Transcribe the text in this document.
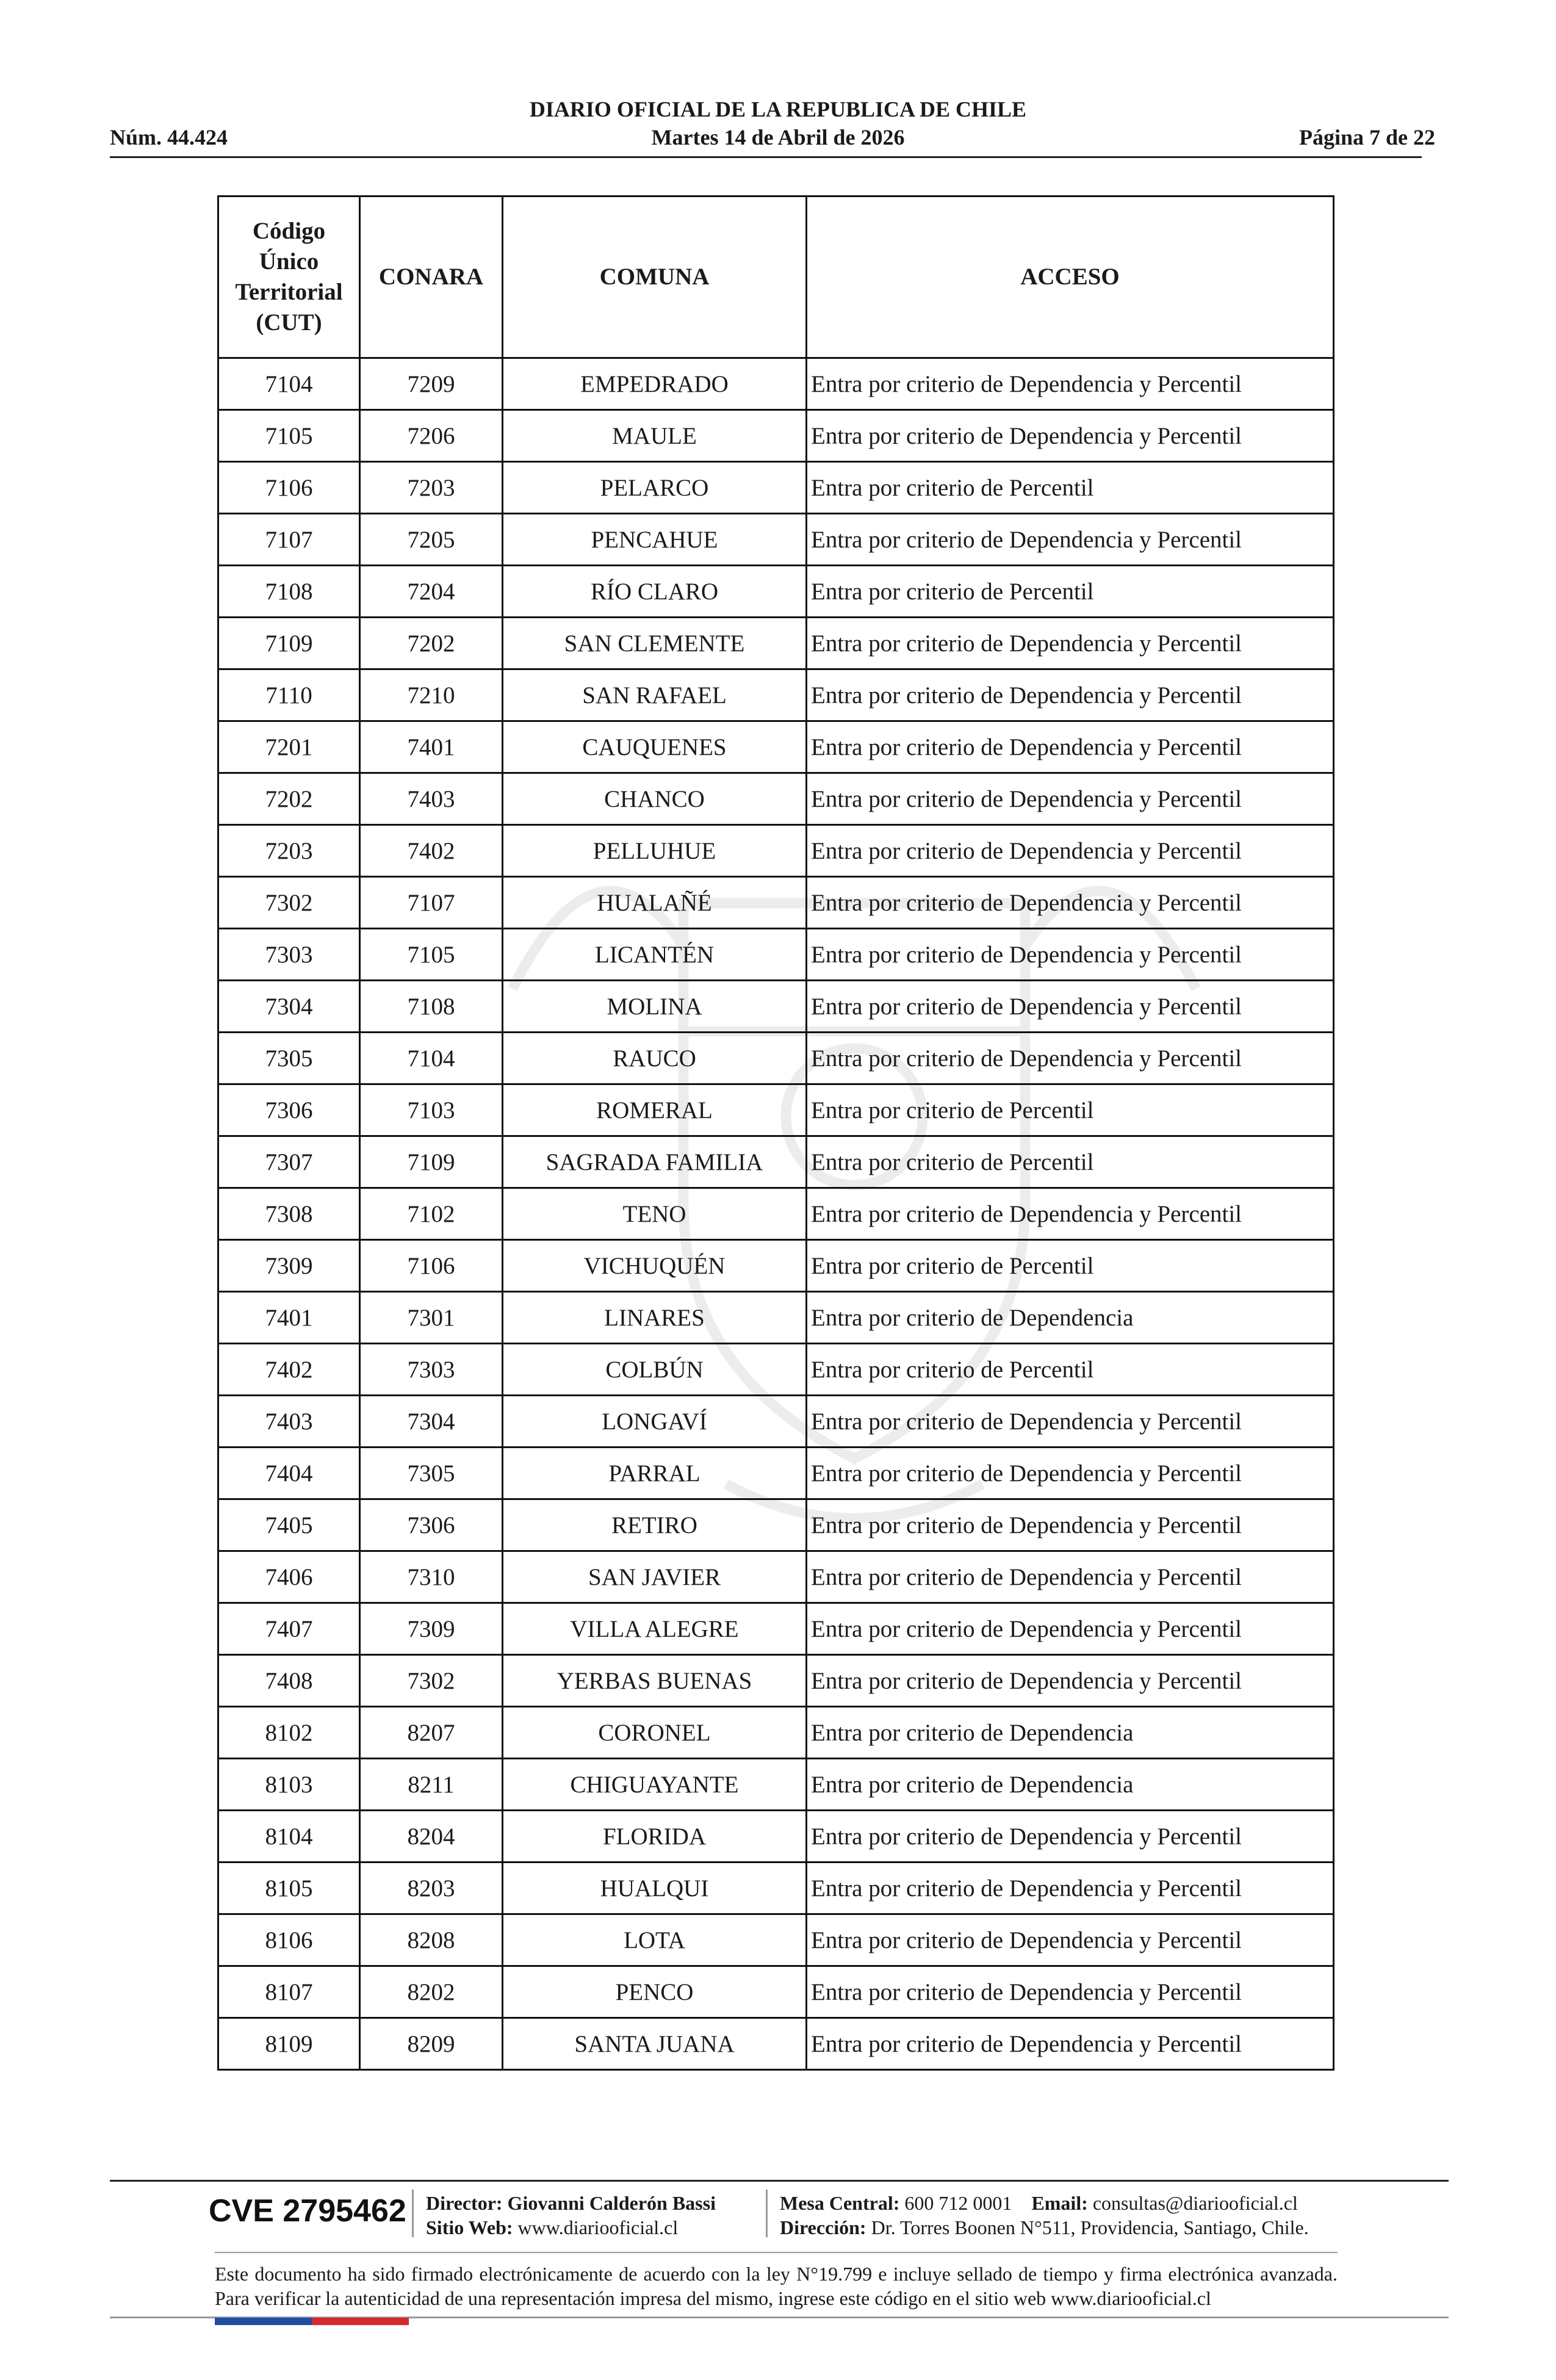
DIARIO OFICIAL DE LA REPUBLICA DE CHILE
Martes 14 de Abril de 2026
Núm. 44.424	Página 7 de 22
Código
Único
Territorial
(CUT)	CONARA	COMUNA	ACCESO
7104	7209	EMPEDRADO	Entra por criterio de Dependencia y Percentil
7105	7206	MAULE	Entra por criterio de Dependencia y Percentil
7106	7203	PELARCO	Entra por criterio de Percentil
7107	7205	PENCAHUE	Entra por criterio de Dependencia y Percentil
7108	7204	RÍO CLARO	Entra por criterio de Percentil
7109	7202	SAN CLEMENTE	Entra por criterio de Dependencia y Percentil
7110	7210	SAN RAFAEL	Entra por criterio de Dependencia y Percentil
7201	7401	CAUQUENES	Entra por criterio de Dependencia y Percentil
7202	7403	CHANCO	Entra por criterio de Dependencia y Percentil
7203	7402	PELLUHUE	Entra por criterio de Dependencia y Percentil
7302	7107	HUALAÑÉ	Entra por criterio de Dependencia y Percentil
7303	7105	LICANTÉN	Entra por criterio de Dependencia y Percentil
7304	7108	MOLINA	Entra por criterio de Dependencia y Percentil
7305	7104	RAUCO	Entra por criterio de Dependencia y Percentil
7306	7103	ROMERAL	Entra por criterio de Percentil
7307	7109	SAGRADA FAMILIA	Entra por criterio de Percentil
7308	7102	TENO	Entra por criterio de Dependencia y Percentil
7309	7106	VICHUQUÉN	Entra por criterio de Percentil
7401	7301	LINARES	Entra por criterio de Dependencia
7402	7303	COLBÚN	Entra por criterio de Percentil
7403	7304	LONGAVÍ	Entra por criterio de Dependencia y Percentil
7404	7305	PARRAL	Entra por criterio de Dependencia y Percentil
7405	7306	RETIRO	Entra por criterio de Dependencia y Percentil
7406	7310	SAN JAVIER	Entra por criterio de Dependencia y Percentil
7407	7309	VILLA ALEGRE	Entra por criterio de Dependencia y Percentil
7408	7302	YERBAS BUENAS	Entra por criterio de Dependencia y Percentil
8102	8207	CORONEL	Entra por criterio de Dependencia
8103	8211	CHIGUAYANTE	Entra por criterio de Dependencia
8104	8204	FLORIDA	Entra por criterio de Dependencia y Percentil
8105	8203	HUALQUI	Entra por criterio de Dependencia y Percentil
8106	8208	LOTA	Entra por criterio de Dependencia y Percentil
8107	8202	PENCO	Entra por criterio de Dependencia y Percentil
8109	8209	SANTA JUANA	Entra por criterio de Dependencia y Percentil
CVE 2795462 Director: Giovanni Calderón Bassi
Sitio Web: www.diariooficial.cl
Mesa Central: 600 712 0001 Email: consultas@diariooficial.cl
Dirección: Dr. Torres Boonen N°511, Providencia, Santiago, Chile.
Este documento ha sido firmado electrónicamente de acuerdo con la ley N°19.799 e incluye sellado de tiempo y firma electrónica avanzada. Para verificar la autenticidad de una representación impresa del mismo, ingrese este código en el sitio web www.diariooficial.cl
